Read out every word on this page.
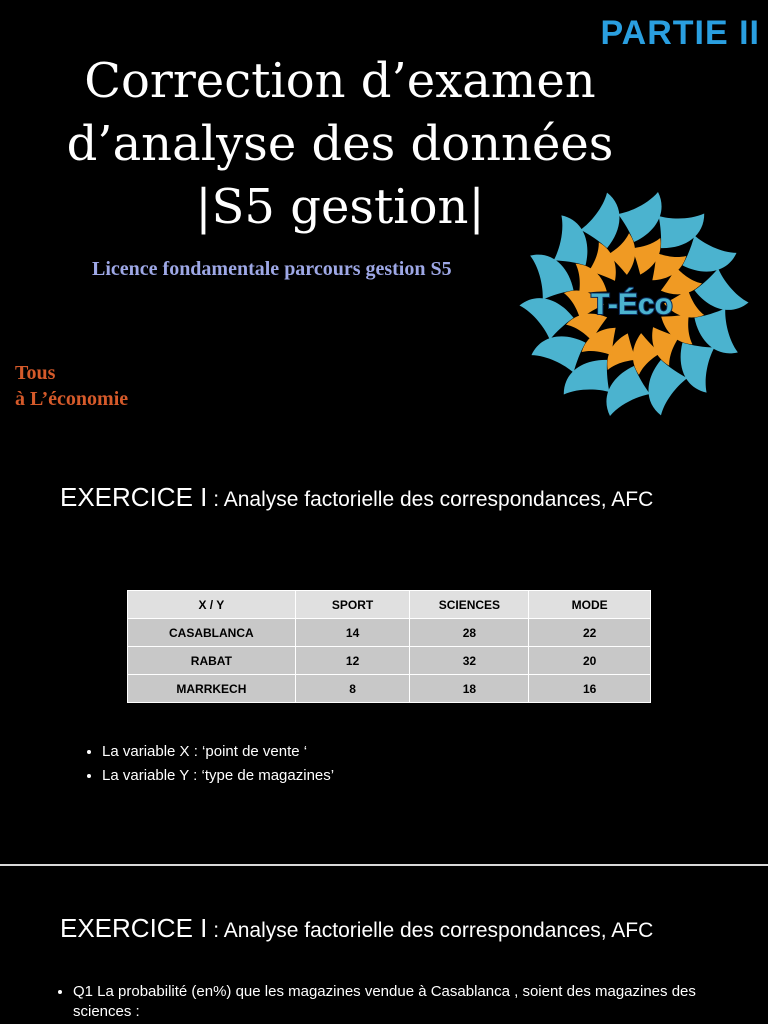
PARTIE II
Correction d’examen
d’analyse des données
|S5 gestion|
Licence fondamentale parcours gestion S5
Tous
à L’économie
T-Éco
EXERCICE I : Analyse factorielle des correspondances, AFC
X / Y	SPORT	SCIENCES	MODE
CASABLANCA	14	28	22
RABAT	12	32	20
MARRKECH	8	18	16
• La variable X : ‘point de vente ‘
• La variable Y : ‘type de magazines’
EXERCICE I : Analyse factorielle des correspondances, AFC
• Q1 La probabilité (en%) que les magazines vendue à Casablanca , soient des magazines des sciences :
